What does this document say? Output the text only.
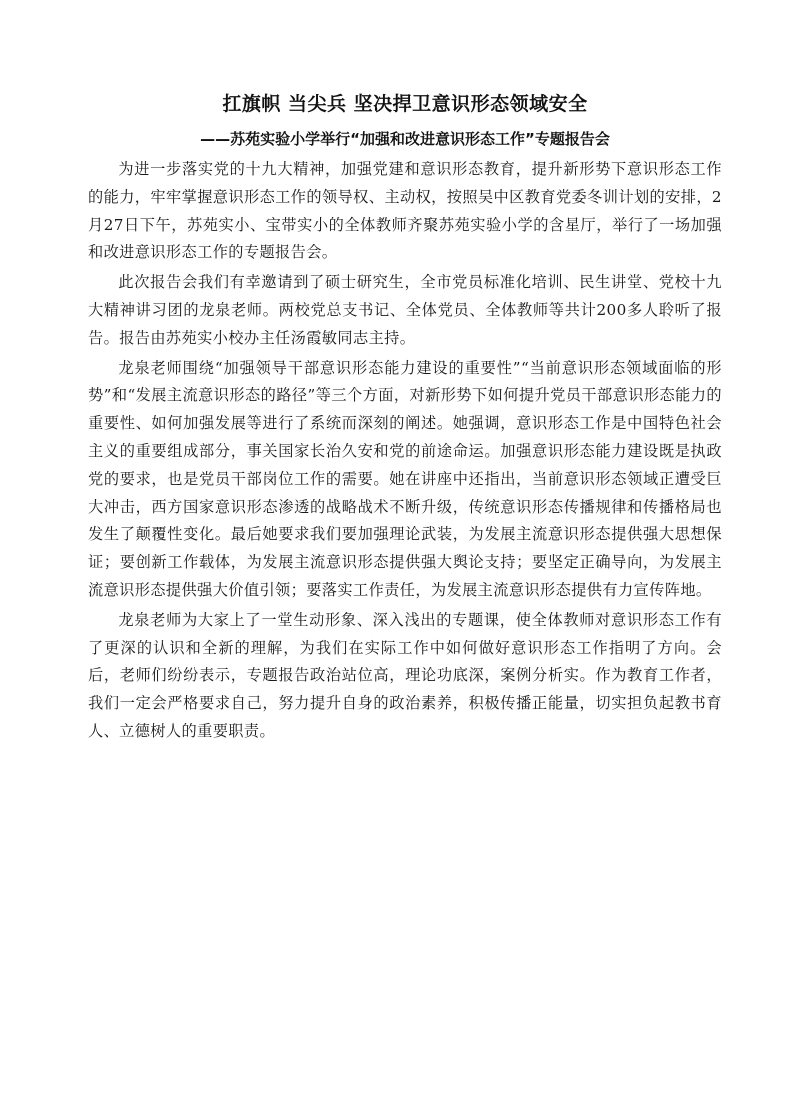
扛旗帜 当尖兵 坚决捍卫意识形态领域安全
——苏苑实验小学举行“加强和改进意识形态工作”专题报告会

为进一步落实党的十九大精神，加强党建和意识形态教育，提升新形势下意识形态工作的能力，牢牢掌握意识形态工作的领导权、主动权，按照吴中区教育党委冬训计划的安排，2月27日下午，苏苑实小、宝带实小的全体教师齐聚苏苑实验小学的含星厅，举行了一场加强和改进意识形态工作的专题报告会。

此次报告会我们有幸邀请到了硕士研究生，全市党员标准化培训、民生讲堂、党校十九大精神讲习团的龙泉老师。两校党总支书记、全体党员、全体教师等共计200多人聆听了报告。报告由苏苑实小校办主任汤霞敏同志主持。

龙泉老师围绕“加强领导干部意识形态能力建设的重要性”“当前意识形态领域面临的形势”和“发展主流意识形态的路径”等三个方面，对新形势下如何提升党员干部意识形态能力的重要性、如何加强发展等进行了系统而深刻的阐述。她强调，意识形态工作是中国特色社会主义的重要组成部分，事关国家长治久安和党的前途命运。加强意识形态能力建设既是执政党的要求，也是党员干部岗位工作的需要。她在讲座中还指出，当前意识形态领域正遭受巨大冲击，西方国家意识形态渗透的战略战术不断升级，传统意识形态传播规律和传播格局也发生了颠覆性变化。最后她要求我们要加强理论武装，为发展主流意识形态提供强大思想保证；要创新工作载体，为发展主流意识形态提供强大舆论支持；要坚定正确导向，为发展主流意识形态提供强大价值引领；要落实工作责任，为发展主流意识形态提供有力宣传阵地。

龙泉老师为大家上了一堂生动形象、深入浅出的专题课，使全体教师对意识形态工作有了更深的认识和全新的理解，为我们在实际工作中如何做好意识形态工作指明了方向。会后，老师们纷纷表示，专题报告政治站位高，理论功底深，案例分析实。作为教育工作者，我们一定会严格要求自己，努力提升自身的政治素养，积极传播正能量，切实担负起教书育人、立德树人的重要职责。
